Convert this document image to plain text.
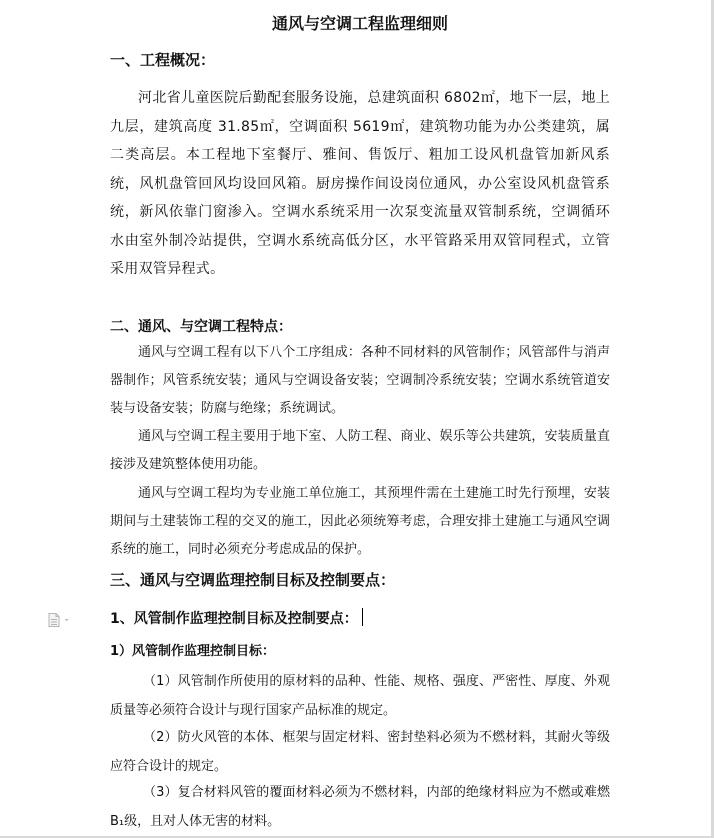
通风与空调工程监理细则
一、工程概况：
河北省儿童医院后勤配套服务设施，总建筑面积 6802㎡，地下一层，地上九层，建筑高度 31.85㎡，空调面积 5619㎡，建筑物功能为办公类建筑，属二类高层。本工程地下室餐厅、雅间、售饭厅、粗加工设风机盘管加新风系统，风机盘管回风均设回风箱。厨房操作间设岗位通风，办公室设风机盘管系统，新风依靠门窗渗入。空调水系统采用一次泵变流量双管制系统，空调循环水由室外制冷站提供，空调水系统高低分区，水平管路采用双管同程式，立管采用双管异程式。
二、通风、与空调工程特点：
通风与空调工程有以下八个工序组成：各种不同材料的风管制作；风管部件与消声器制作；风管系统安装；通风与空调设备安装；空调制冷系统安装；空调水系统管道安装与设备安装；防腐与绝缘；系统调试。
通风与空调工程主要用于地下室、人防工程、商业、娱乐等公共建筑，安装质量直接涉及建筑整体使用功能。
通风与空调工程均为专业施工单位施工，其预埋件需在土建施工时先行预埋，安装期间与土建装饰工程的交叉的施工，因此必须统筹考虑，合理安排土建施工与通风空调系统的施工，同时必须充分考虑成品的保护。
三、通风与空调监理控制目标及控制要点：
1、风管制作监理控制目标及控制要点：
1）风管制作监理控制目标：
（1）风管制作所使用的原材料的品种、性能、规格、强度、严密性、厚度、外观质量等必须符合设计与现行国家产品标准的规定。
（2）防火风管的本体、框架与固定材料、密封垫料必须为不燃材料，其耐火等级应符合设计的规定。
（3）复合材料风管的覆面材料必须为不燃材料，内部的绝缘材料应为不燃或难燃 B₁级，且对人体无害的材料。
